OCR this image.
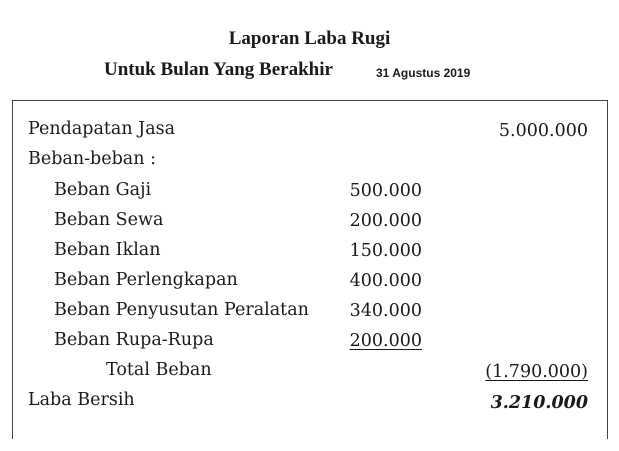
Laporan Laba Rugi
Untuk Bulan Yang Berakhir	31 Agustus 2019
Pendapatan Jasa	5.000.000
Beban-beban :
Beban Gaji	500.000
Beban Sewa	200.000
Beban Iklan	150.000
Beban Perlengkapan	400.000
Beban Penyusutan Peralatan	340.000
Beban Rupa-Rupa	200.000
Total Beban	(1.790.000)
Laba Bersih	3.210.000
